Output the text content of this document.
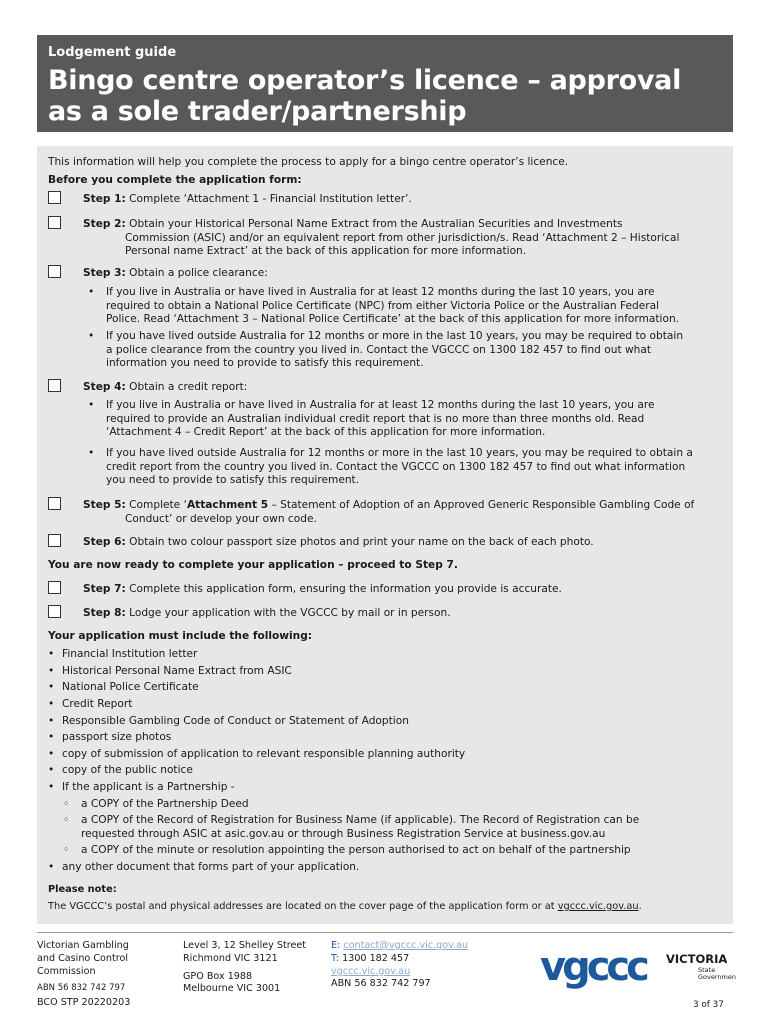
Lodgement guide
Bingo centre operator’s licence – approval
as a sole trader/partnership
This information will help you complete the process to apply for a bingo centre operator’s licence.
Before you complete the application form:
Step 1: Complete ‘Attachment 1 - Financial Institution letter’.
Step 2: Obtain your Historical Personal Name Extract from the Australian Securities and Investments
Commission (ASIC) and/or an equivalent report from other jurisdiction/s. Read ‘Attachment 2 – Historical
Personal name Extract’ at the back of this application for more information.
Step 3: Obtain a police clearance:
•	If you live in Australia or have lived in Australia for at least 12 months during the last 10 years, you are
required to obtain a National Police Certificate (NPC) from either Victoria Police or the Australian Federal
Police. Read ‘Attachment 3 – National Police Certificate’ at the back of this application for more information.
•	If you have lived outside Australia for 12 months or more in the last 10 years, you may be required to obtain
a police clearance from the country you lived in. Contact the VGCCC on 1300 182 457 to find out what
information you need to provide to satisfy this requirement.
Step 4: Obtain a credit report:
•	If you live in Australia or have lived in Australia for at least 12 months during the last 10 years, you are
required to provide an Australian individual credit report that is no more than three months old. Read
‘Attachment 4 – Credit Report’ at the back of this application for more information.
•	If you have lived outside Australia for 12 months or more in the last 10 years, you may be required to obtain a
credit report from the country you lived in. Contact the VGCCC on 1300 182 457 to find out what information
you need to provide to satisfy this requirement.
Step 5: Complete ‘Attachment 5 – Statement of Adoption of an Approved Generic Responsible Gambling Code of
Conduct’ or develop your own code.
Step 6: Obtain two colour passport size photos and print your name on the back of each photo.
You are now ready to complete your application – proceed to Step 7.
Step 7: Complete this application form, ensuring the information you provide is accurate.
Step 8: Lodge your application with the VGCCC by mail or in person.
Your application must include the following:
• Financial Institution letter
• Historical Personal Name Extract from ASIC
• National Police Certificate
• Credit Report
• Responsible Gambling Code of Conduct or Statement of Adoption
• passport size photos
• copy of submission of application to relevant responsible planning authority
• copy of the public notice
• If the applicant is a Partnership -
◦	a COPY of the Partnership Deed
◦	a COPY of the Record of Registration for Business Name (if applicable). The Record of Registration can be
requested through ASIC at asic.gov.au or through Business Registration Service at business.gov.au
◦	a COPY of the minute or resolution appointing the person authorised to act on behalf of the partnership
• any other document that forms part of your application.
Please note:
The VGCCC’s postal and physical addresses are located on the cover page of the application form or at vgccc.vic.gov.au.
Victorian Gambling
and Casino Control
Commission
ABN 56 832 742 797
Level 3, 12 Shelley Street
Richmond VIC 3121
GPO Box 1988
Melbourne VIC 3001
E: contact@vgccc.vic.gov.au
T: 1300 182 457
vgccc.vic.gov.au
ABN 56 832 742 797	vgccc VICTORIA
State
Government
BCO STP 20220203	3 of 37
